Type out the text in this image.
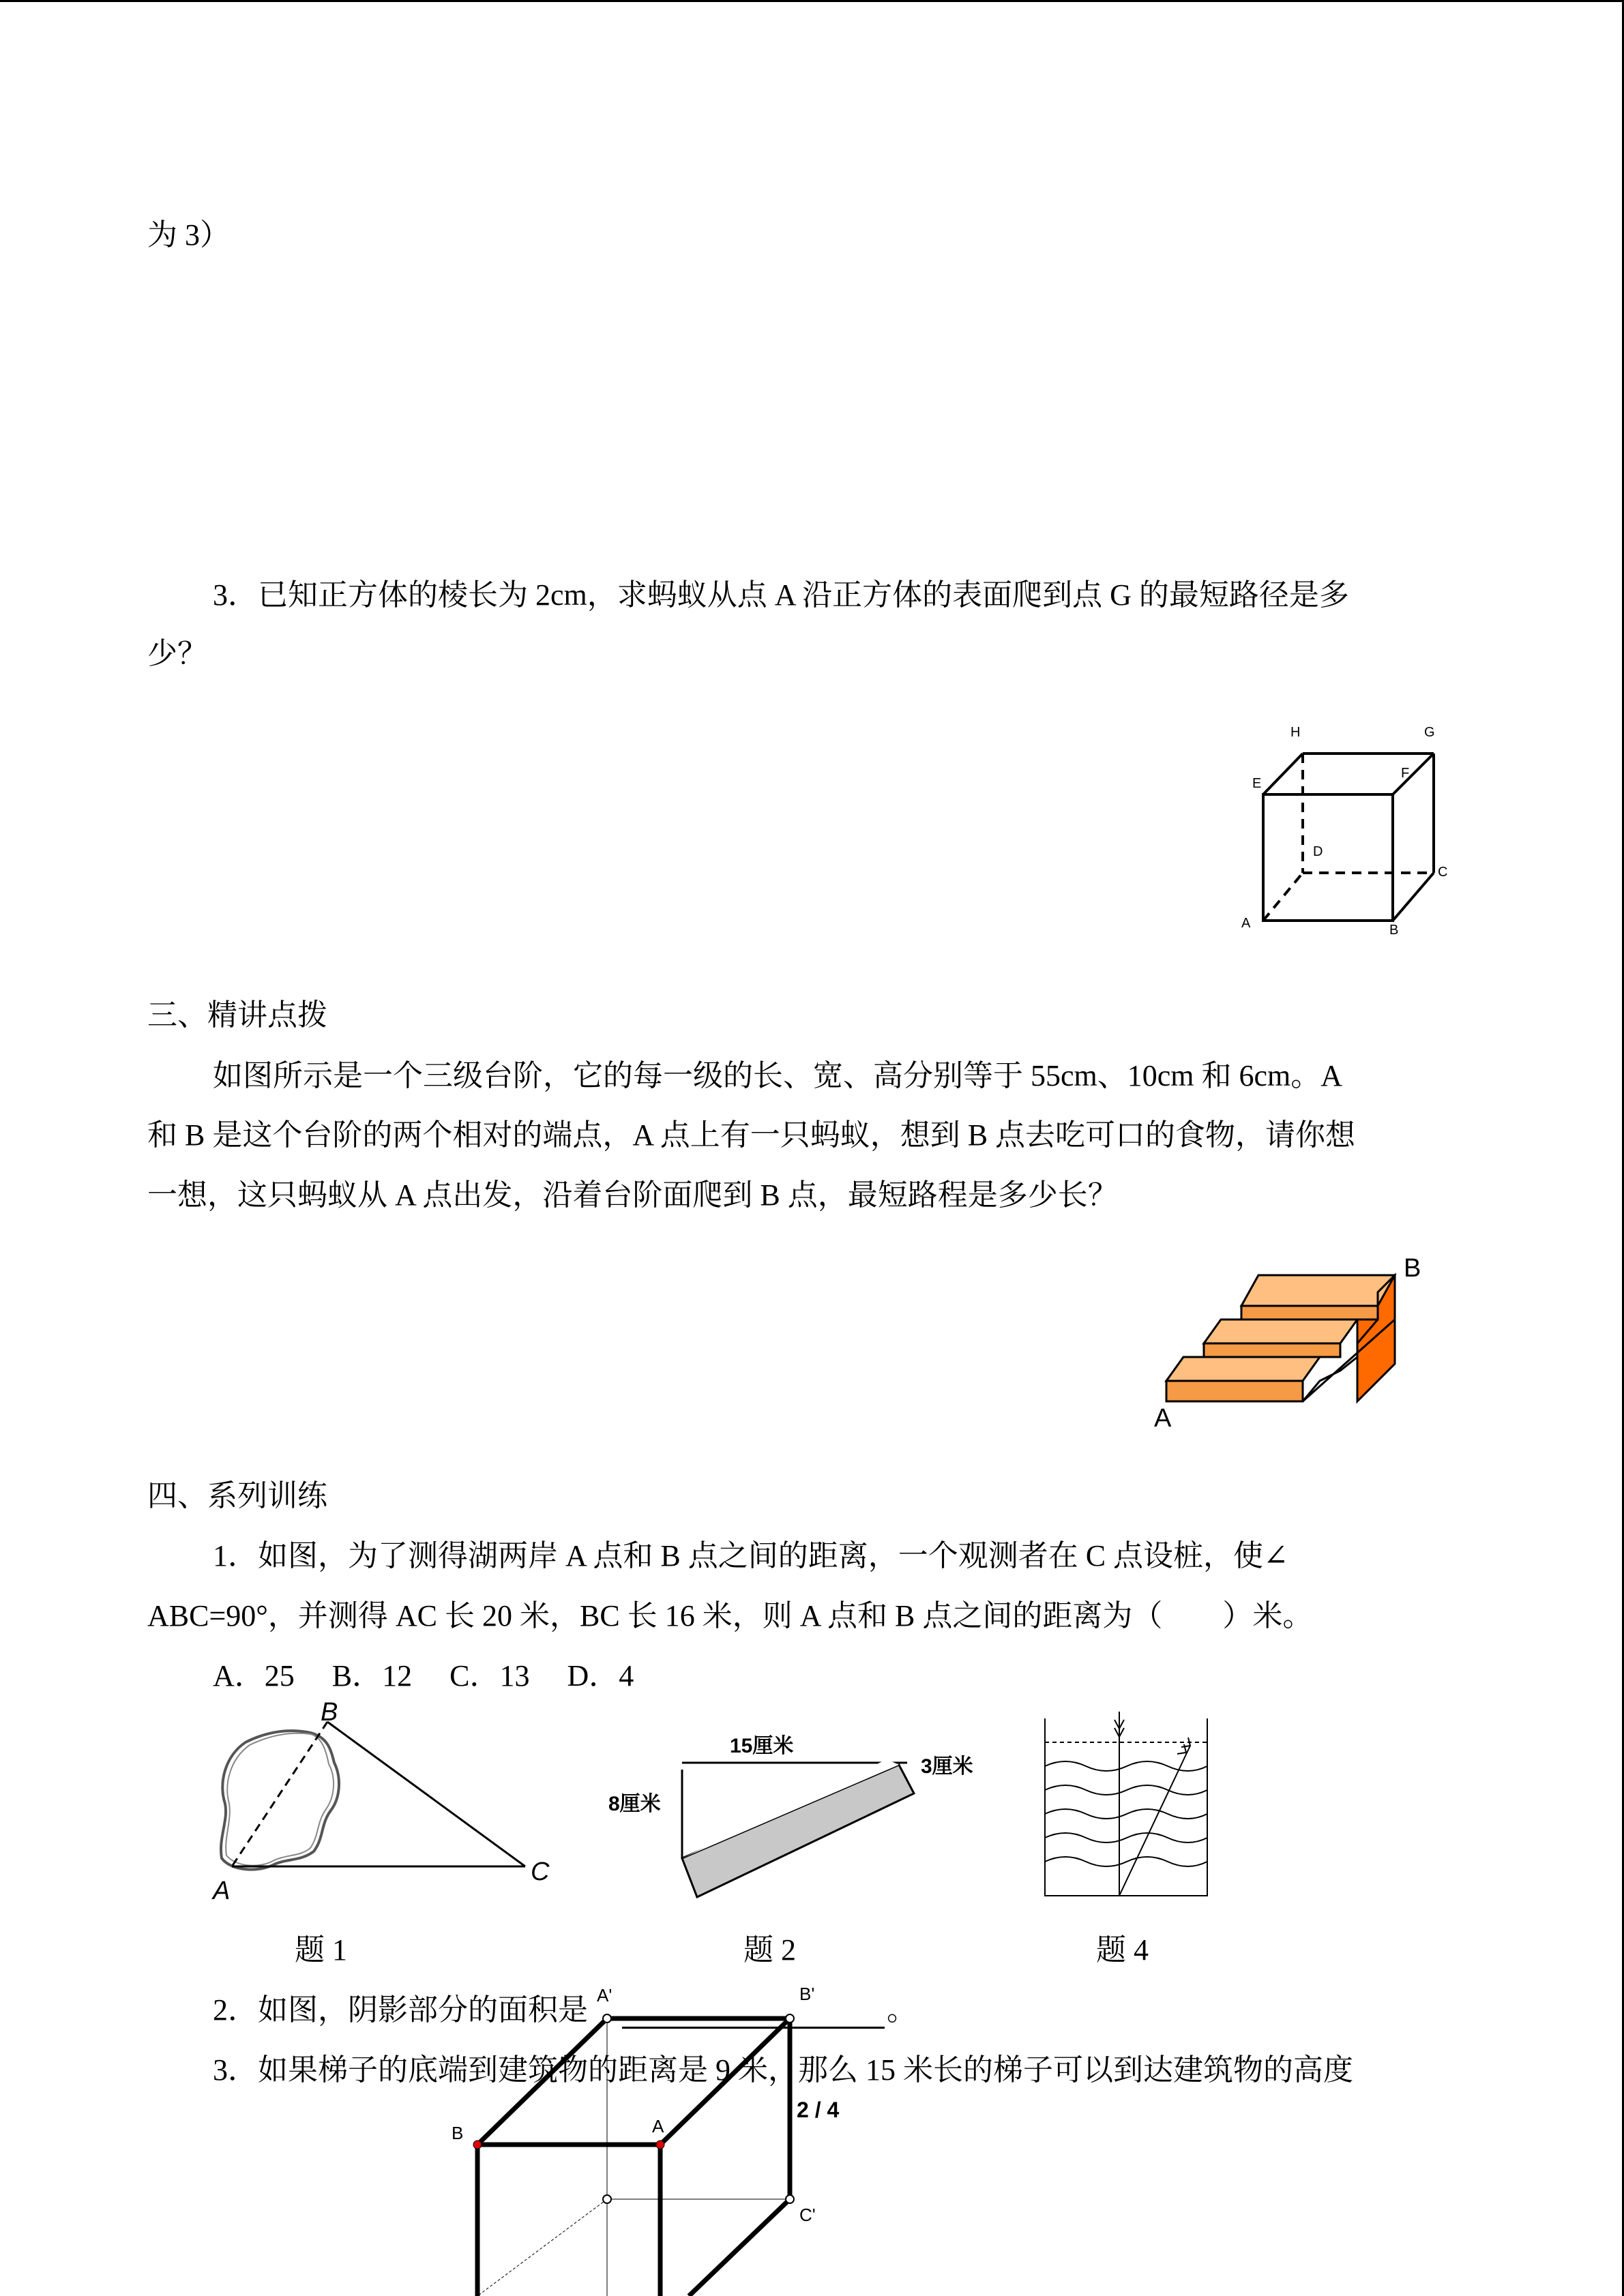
为 3）
3．已知正方体的棱长为 2cm，求蚂蚁从点 A 沿正方体的表面爬到点 G 的最短路径是多
少？
H	G
E
F
D
C
A	B
三、精讲点拨
如图所示是一个三级台阶，它的每一级的长、宽、高分别等于 55cm、10cm 和 6cm。A
和 B 是这个台阶的两个相对的端点，A 点上有一只蚂蚁，想到 B 点去吃可口的食物，请你想
一想，这只蚂蚁从 A 点出发，沿着台阶面爬到 B 点，最短路程是多少长？
B
A
四、系列训练
1．如图，为了测得湖两岸 A 点和 B 点之间的距离，一个观测者在 C 点设桩，使∠
ABC=90°，并测得 AC 长 20 米，BC 长 16 米，则 A 点和 B 点之间的距离为（　　）米。
A．25　 B．12　 C．13　 D．4
B
A
C
15厘米
3厘米
8厘米
题 1	题 2	题 4
2．如图，阴影部分的面积是	。
3．如果梯子的底端到建筑物的距离是 9 米，那么 15 米长的梯子可以到达建筑物的高度
A'	B'
B	A
C'
2 / 4
